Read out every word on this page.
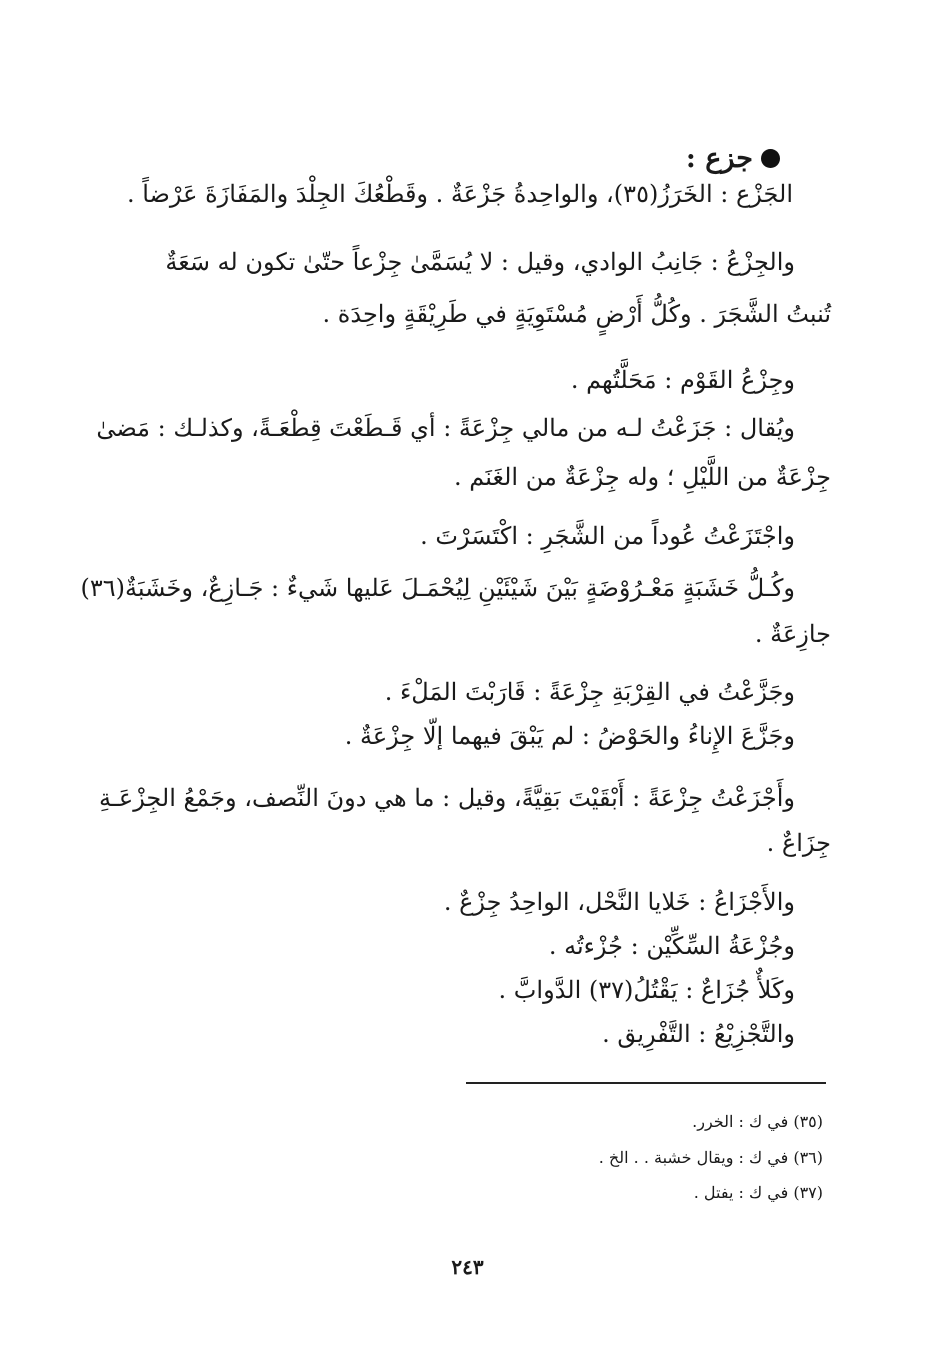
جزع :
الجَزْع : الخَرَزُ(٣٥)، والواحِدةُ جَزْعَةٌ . وقَطْعُكَ الجِلْدَ والمَفَازَةَ عَرْضاً .
والجِزْعُ : جَانِبُ الوادي، وقيل : لا يُسَمَّىٰ جِزْعاً حتّىٰ تكون له سَعَةٌ
تُنبتُ الشَّجَرَ . وكُلُّ أَرْضٍ مُسْتَوِيَةٍ في طَرِيْقَةٍ واحِدَة .
وجِزْعُ القَوْم : مَحَلَّتُهم .
ويُقال : جَزَعْتُ لـه من مالي جِزْعَةً : أي قَـطَعْتَ قِطْعَـةً، وكذلـك : مَضىٰ
جِزْعَةٌ من اللَّيْلِ ؛ وله جِزْعَةٌ من الغَنَم .
واجْتَزَعْتُ عُوداً من الشَّجَرِ : اكْتَسَرْتَ .
وكُـلُّ خَشَبَةٍ مَعْـرُوْضَةٍ بَيْنَ شَيْئَيْنِ لِيُحْمَـلَ عَليها شَيءٌ : جَـازِعٌ، وخَشَبَةٌ(٣٦)
جازِعَةٌ .
وجَزَّعْتُ في القِرْبَةِ جِزْعَةً : قَارَبْتَ المَلْءَ .
وجَزَّعَ الإِناءُ والحَوْضُ : لم يَبْقَ فيهما إلّا جِزْعَةٌ .
وأَجْزَعْتُ جِزْعَةً : أَبْقَيْتَ بَقِيَّةً، وقيل : ما هي دونَ النِّصف، وجَمْعُ الجِزْعَـةِ
جِزَاعٌ .
والأَجْزَاعُ : خَلايا النَّحْل، الواحِدُ جِزْعٌ .
وجُزْعَةُ السِّكِّيْن : جُزْءتُه .
وكَلأٌ جُزَاعٌ : يَقْتُلُ(٣٧) الدَّوابَّ .
والتَّجْزِيْعُ : التَّفْرِيق .
(٣٥) في ك : الخرر.
(٣٦) في ك : ويقال خشبة . . الخ .
(٣٧) في ك : يفتل .
٢٤٣
